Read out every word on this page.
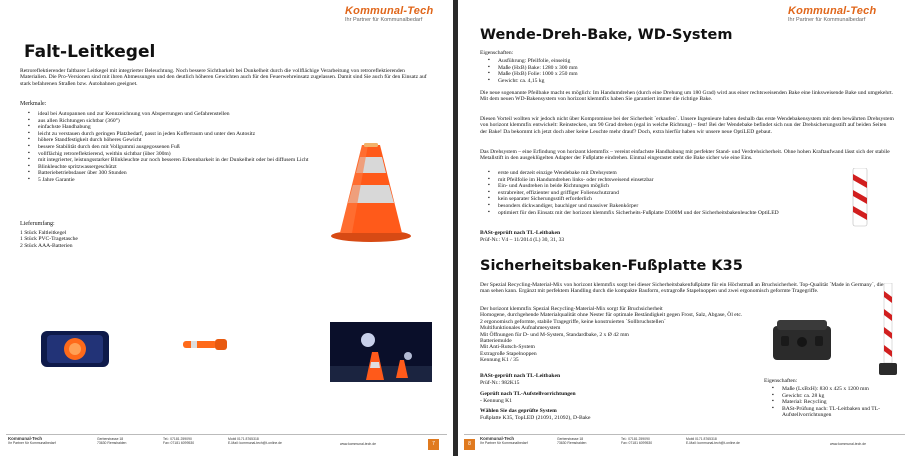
Kommunal-Tech
Ihr Partner für Kommunalbedarf
Falt-Leitkegel
Retroreflektierender faltbarer Leitkegel mit integrierter Beleuchtung. Noch bessere Sichtbarkeit bei Dunkelheit durch die vollflächige Verarbeitung von retroreflektierenden Materialien. Die Pro-Versionen sind mit ihren Abmessungen und den deutlich höheren Gewichten auch für den Feuerwehreinsatz zugelassen. Damit sind Sie auch für den Einsatz auf stark befahrenen Straßen bzw. Autobahnen geeignet.
Merkmale:
▪ ideal bei Autopannen und zur Kennzeichnung von Absperrungen und Gefahrenstellen
▪ aus allen Richtungen sichtbar (360°)
▪ einfachste Handhabung
▪ leicht zu verstauen durch geringen Platzbedarf, passt in jeden Kofferraum und unter den Autositz
▪ höhere Standfestigkeit durch höheres Gewicht
▪ bessere Stabilität durch den mit Vollgummi ausgegossenen Fuß
▪ vollflächig retroreflektierend, weithin sichtbar (über 300m)
▪ mit integrierter, leistungsstarker Blinkleuchte zur noch besseren Erkennbarkeit in der Dunkelheit oder bei diffusem Licht
▪ Blinkleuchte spritzwassergeschützt
▪ Batteriebetriebsdauer über 300 Stunden
▪ 5 Jahre Garantie
Lieferumfang:
1 Stück Faltleitkegel
1 Stück PVC-Tragetasche
2 Stück AAA-Batterien
Kommunal-Tech
Ihr Partner für Kommunalbedarf
Gerberstrasse 18
73630 Remshalden
Tel.: 07181 259090
Fax: 07181 6099530
Mobil 0171 8765318
E-Mail: kommunal-tech@t-online.de	www.kommunal-tech.de	7
Kommunal-Tech
Ihr Partner für Kommunalbedarf
Wende-Dreh-Bake, WD-System
Eigenschaften:
▪ Ausführung: Pfeilfolie, einseitig
▪ Maße (HxB) Bake: 1280 x 300 mm
▪ Maße (HxB) Folie: 1000 x 250 mm
▪ Gewicht: ca. 4,15 kg
Die neue sogenannte Pfeilbake macht es möglich: Im Handumdrehen (durch eine Drehung um 180 Grad) wird aus einer rechtsweisenden Bake eine linksweisende Bake und umgekehrt. Mit dem neuen WD-Bakensystem von horizont klemmfix haben Sie garantiert immer die richtige Bake.
Diesen Vorteil wollten wir jedoch nicht über Kompromisse bei der Sicherheit ´erkaufen´. Unsere Ingenieure haben deshalb das erste Wendebakensystem mit dem bewährten Drehsystem von horizont klemmfix entwickelt: Reinstecken, um 90 Grad drehen (egal in welche Richtung) – fest! Bei der Wendebake befindet sich nun der Drehsicherungsstift auf beiden Seiten der Bake! Da bekommt ich jetzt doch aber keine Leuchte mehr drauf? Doch, extra hierfür haben wir unsere neue OptiLED gebaut.
Das Drehsystem – eine Erfindung von horizont klemmfix – vereint einfachste Handhabung mit perfekter Stand- und Verdrehsicherheit. Ohne hohen Kraftaufwand lässt sich der stabile Metallstift in den ausgeklügelten Adapter der Fußplatte eindrehen. Einmal eingerastet steht die Bake sicher wie eine Eins.
▪ erste und derzeit einzige Wendebake mit Drehsystem
▪ mit Pfeilfolie im Handumdrehen links- oder rechtsweisend einsetzbar
▪ Ein- und Ausdrehen in beide Richtungen möglich
▪ extrabreiter, effizienter und griffiger Folienschutzrand
▪ kein separater Sicherungsstift erforderlich
▪ besonders dickwandiger, bauchiger und massiver Bakenkörper
▪ optimiert für den Einsatz mit der horizont klemmfix Sicherheits-Fußplatte D300M und der Sicherheitsbakenleuchte OptiLED
BASt-geprüft nach TL-Leitbaken
Prüf-Nr.: V4 – 11/2014 (L) 30, 31, 33
Sicherheitsbaken-Fußplatte K35
Der Spezial Recycling-Material-Mix von horizont klemmfix sorgt bei dieser Sicherheitsbakenfußplatte für ein Höchstmaß an Bruchsicherheit. Top-Qualität ´Made in Germany´, die man sehen kann. Ergänzt mit perfektem Handling durch die kompakte Bauform, extragroße Stapelnoppen und zwei ergonomisch geformte Tragegriffe.
Der horizont klemmfix Spezial Recycling-Material-Mix sorgt für Bruchsicherheit
Homogene, durchgehende Materialqualität ohne Nester für optimale Beständigkeit gegen Frost, Salz, Abgase, Öl etc.
2 ergonomisch geformte, stabile Tragegriffe, keine konstruierten ´Sollbruchstellen´
Multifunktionales Aufnahmesystem
Mit Öffnungen für D- und M-System, Standardbake, 2 x Ø 42 mm
Batteriemulde
Mit Anti-Rutsch-System
Extragroße Stapelnoppen
Kennung K1 / 35
BASt-geprüft nach TL-Leitbaken
Prüf-Nr.: 982K15
Geprüft nach TL-Aufstellvorrichtungen
- Kennung K1
Wählen Sie das geprüfte System
Fußplatte K35, TopLED (21091, 21092), D-Bake
Eigenschaften:
▪ Maße (LxBxH): 830 x 425 x 1200 mm
▪ Gewicht: ca. 28 kg
▪ Material: Recycling
▪ BASt-Prüfung nach: TL-Leitbaken und TL-Aufstellvorrichtungen
8
Kommunal-Tech
Ihr Partner für Kommunalbedarf
Gerberstrasse 18
73630 Remshalden
Tel.: 07181 259090
Fax: 07181 6099530
Mobil 0171 8765318
E-Mail: kommunal-tech@t-online.de	www.kommunal-tech.de
